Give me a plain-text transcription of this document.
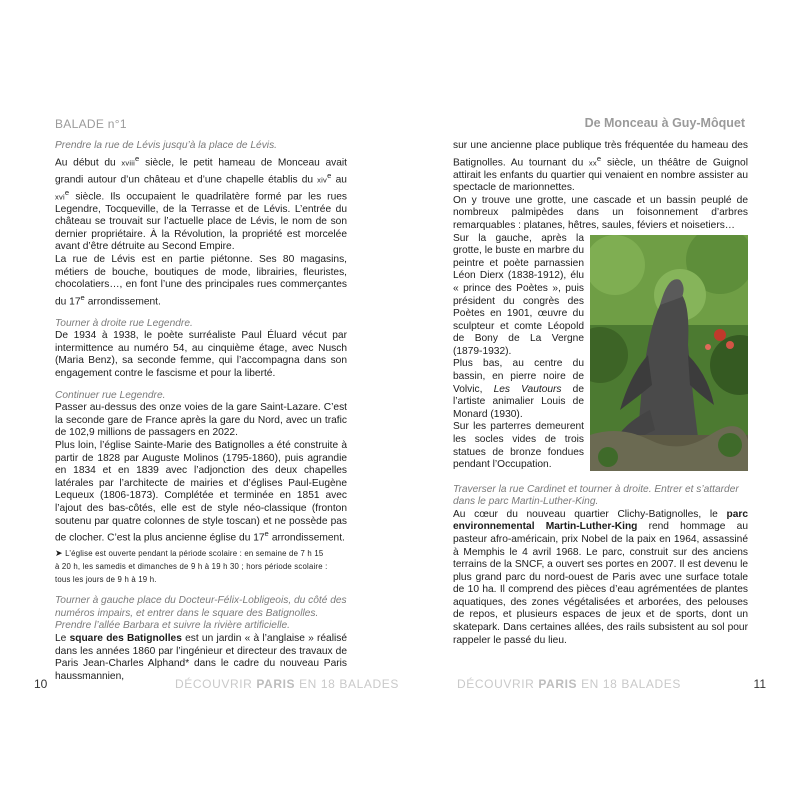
BALADE n°1	De Monceau à Guy-Môquet
Prendre la rue de Lévis jusqu’à la place de Lévis.

Au début du xviii$^e$ siècle, le petit hameau de Monceau avait grandi autour d’un château et d’une chapelle établis du xiv$^e$ au xvi$^e$ siècle. Ils occupaient le quadrilatère formé par les rues Legendre, Tocqueville, de la Terrasse et de Lévis. L’entrée du château se trouvait sur l’actuelle place de Lévis, le nom de son dernier propriétaire. À la Révolution, la propriété est morcelée avant d’être détruite au Second Empire.

La rue de Lévis est en partie piétonne. Ses 80 magasins, métiers de bouche, boutiques de mode, librairies, fleuristes, chocolatiers…, en font l’une des principales rues commerçantes du 17e arrondissement.

Tourner à droite rue Legendre.

De 1934 à 1938, le poète surréaliste Paul Éluard vécut par intermittence au numéro 54, au cinquième étage, avec Nusch (Maria Benz), sa seconde femme, qui l’accompagna dans son engagement contre le fascisme et pour la liberté.

Continuer rue Legendre.

Passer au-dessus des onze voies de la gare Saint-Lazare. C’est la seconde gare de France après la gare du Nord, avec un trafic de 102,9 millions de passagers en 2022.

Plus loin, l’église Sainte-Marie des Batignolles a été construite à partir de 1828 par Auguste Molinos (1795-1860), puis agrandie en 1834 et en 1839 avec l’adjonction des deux chapelles latérales par l’architecte de mairies et d’églises Paul-Eugène Lequeux (1806-1873). Complétée et terminée en 1851 avec l’ajout des bas-côtés, elle est de style néo-classique (fronton soutenu par quatre colonnes de style toscan) et ne possède pas de clocher. C’est la plus ancienne église du 17e arrondissement.

➤ L’église est ouverte pendant la période scolaire : en semaine de 7 h 15
à 20 h, les samedis et dimanches de 9 h à 19 h 30 ; hors période scolaire :
tous les jours de 9 h à 19 h.
Tourner à gauche place du Docteur-Félix-Lobligeois, du côté des numéros impairs, et entrer dans le square des Batignolles. Prendre l’allée Barbara et suivre la rivière artificielle.

Le square des Batignolles est un jardin « à l’anglaise » réalisé dans les années 1860 par l’ingénieur et directeur des travaux de Paris Jean-Charles Alphand* dans le cadre du nouveau Paris haussmannien,

sur une ancienne place publique très fréquentée du hameau des Batignolles. Au tournant du $xx^e$ siècle, un théâtre de Guignol attirait les enfants du quartier qui venaient en nombre assister au spectacle de marionnettes.

On y trouve une grotte, une cascade et un bassin peuplé de nombreux palmipèdes dans un foisonnement d’arbres remarquables : platanes, hêtres, saules, féviers et noisetiers…

Sur la gauche, après la grotte, le buste en marbre du peintre et poète parnassien Léon Dierx (1838-1912), élu « prince des Poètes », puis président du congrès des Poètes en 1901, œuvre du sculpteur et comte Léopold de Bony de La Vergne (1879-1932).

Plus bas, au centre du bassin, en pierre noire de Volvic, Les Vautours de l’artiste animalier Louis de Monard (1930).

Sur les parterres demeurent les socles vides de trois statues de bronze fondues pendant l’Occupation.

Traverser la rue Cardinet et tourner à droite. Entrer et s’attarder dans le parc Martin-Luther-King.

Au cœur du nouveau quartier Clichy-Batignolles, le parc environnemental Martin-Luther-King rend hommage au pasteur afro-américain, prix Nobel de la paix en 1964, assassiné à Memphis le 4 avril 1968. Le parc, construit sur des anciens terrains de la SNCF, a ouvert ses portes en 2007. Il est devenu le plus grand parc du nord-ouest de Paris avec une surface totale de 10 ha. Il comprend des pièces d’eau agrémentées de plantes aquatiques, des zones végétalisées et arborées, des pelouses de repos, et plusieurs espaces de jeux et de sports, dont un skatepark. Dans certaines allées, des rails subsistent au sol pour rappeler le passé du lieu.

10	DÉCOUVRIR PARIS EN 18 BALADES	DÉCOUVRIR PARIS EN 18 BALADES	11
